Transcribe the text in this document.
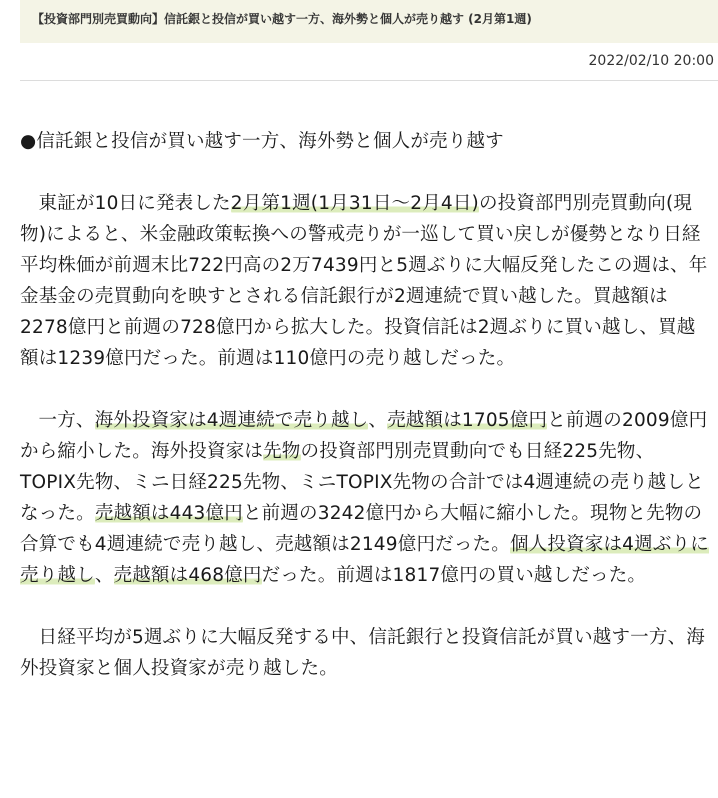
【投資部門別売買動向】信託銀と投信が買い越す一方、海外勢と個人が売り越す (2月第1週)
2022/02/10 20:00

●信託銀と投信が買い越す一方、海外勢と個人が売り越す

東証が10日に発表した2月第1週(1月31日～2月4日)の投資部門別売買動向(現物)によると、米金融政策転換への警戒売りが一巡して買い戻しが優勢となり日経平均株価が前週末比722円高の2万7439円と5週ぶりに大幅反発したこの週は、年金基金の売買動向を映すとされる信託銀行が2週連続で買い越した。買越額は2278億円と前週の728億円から拡大した。投資信託は2週ぶりに買い越し、買越額は1239億円だった。前週は110億円の売り越しだった。

一方、海外投資家は4週連続で売り越し、売越額は1705億円と前週の2009億円から縮小した。海外投資家は先物の投資部門別売買動向でも日経225先物、TOPIX先物、ミニ日経225先物、ミニTOPIX先物の合計では4週連続の売り越しとなった。売越額は443億円と前週の3242億円から大幅に縮小した。現物と先物の合算でも4週連続で売り越し、売越額は2149億円だった。個人投資家は4週ぶりに売り越し、売越額は468億円だった。前週は1817億円の買い越しだった。

日経平均が5週ぶりに大幅反発する中、信託銀行と投資信託が買い越す一方、海外投資家と個人投資家が売り越した。
